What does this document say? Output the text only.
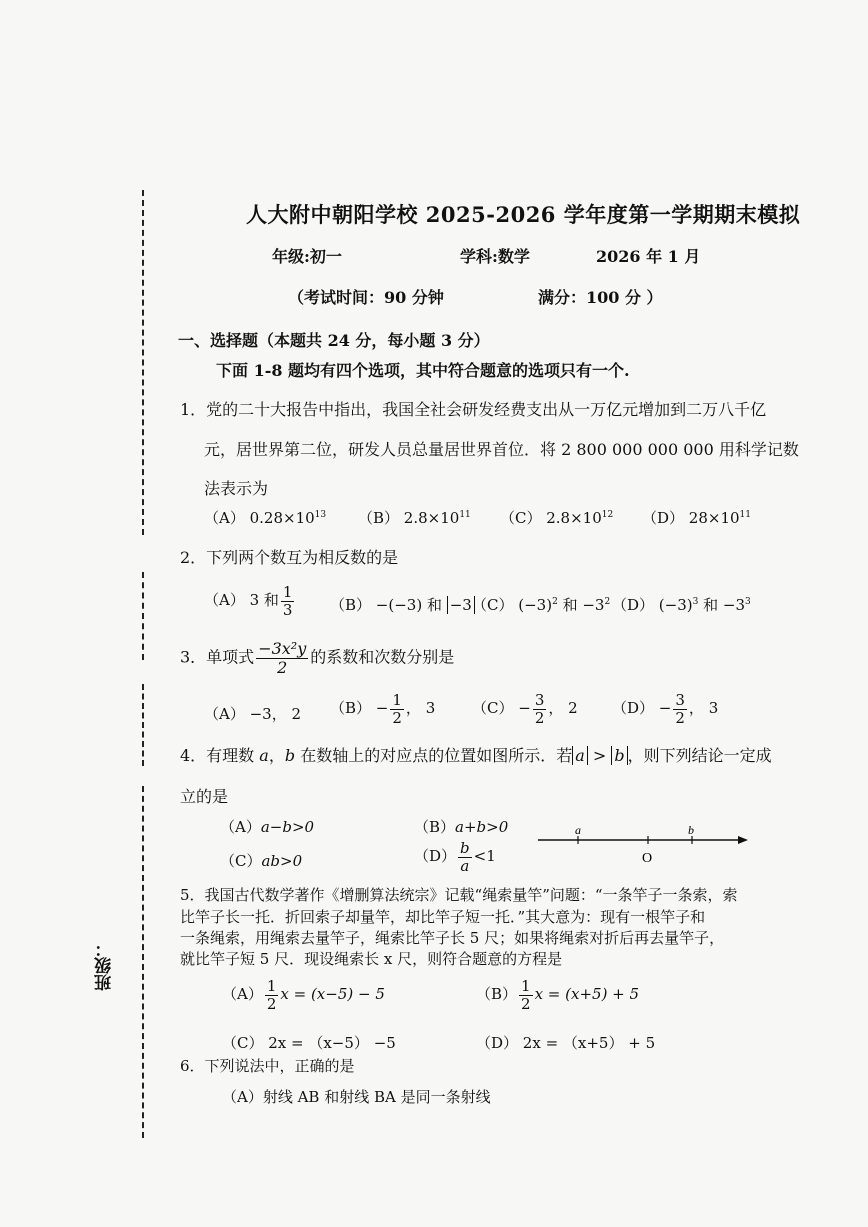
班级：
人大附中朝阳学校 2025-2026 学年度第一学期期末模拟
年级:初一	学科:数学	2026 年 1 月
（考试时间：90 分钟	满分：100 分 ）
一、选择题（本题共 24 分，每小题 3 分）
下面 1-8 题均有四个选项，其中符合题意的选项只有一个.
1．党的二十大报告中指出，我国全社会研发经费支出从一万亿元增加到二万八千亿
元，居世界第二位，研发人员总量居世界首位．将 2 800 000 000 000 用科学记数
法表示为
（A） $0.28\times 10^{13}$ （B） $2.8\times 10^{11}$ （C） $2.8\times 10^{12}$ （D） $28\times 10^{11}$
2．下列两个数互为相反数的是
（A） 3 和 $\frac{1}{3} (B) -(-3)$ 和 −3 （C） $(-3)^2$ 和 $-3^2$ （D） $(-3)^3$ 和 $-3^3$
3．单项式 $\frac{\text{−3x²y}}{2}$ 的系数和次数分别是
（A） −3， 2 $(B) - \frac{1}{2}$ ， 3 $(C) - \frac{3}{2}$ ， 2 $(D) - \frac{3}{2}$ ， 3
4．有理数 a，b 在数轴上的对应点的位置如图所示．若 a > b ，则下列结论一定成
立的是
（A）a−b>0	（B）a+b>0
（C）ab>0	$(D) \frac{b}{a} <1$
a	b
O
5．我国古代数学著作《增删算法统宗》记载“绳索量竿”问题：“一条竿子一条索，索
比竿子长一托．折回索子却量竿，却比竿子短一托．”其大意为：现有一根竿子和
一条绳索，用绳索去量竿子，绳索比竿子长 5 尺；如果将绳索对折后再去量竿子，
就比竿子短 5 尺．现设绳索长 x 尺，则符合题意的方程是
$(A) \frac{1}{2}$ x = (x−5) − 5	$(B) \frac{1}{2}$ x = (x+5) + 5
（C） 2x = （x−5） −5	（D） 2x = （x+5） + 5
6．下列说法中，正确的是
（A）射线 AB 和射线 BA 是同一条射线
